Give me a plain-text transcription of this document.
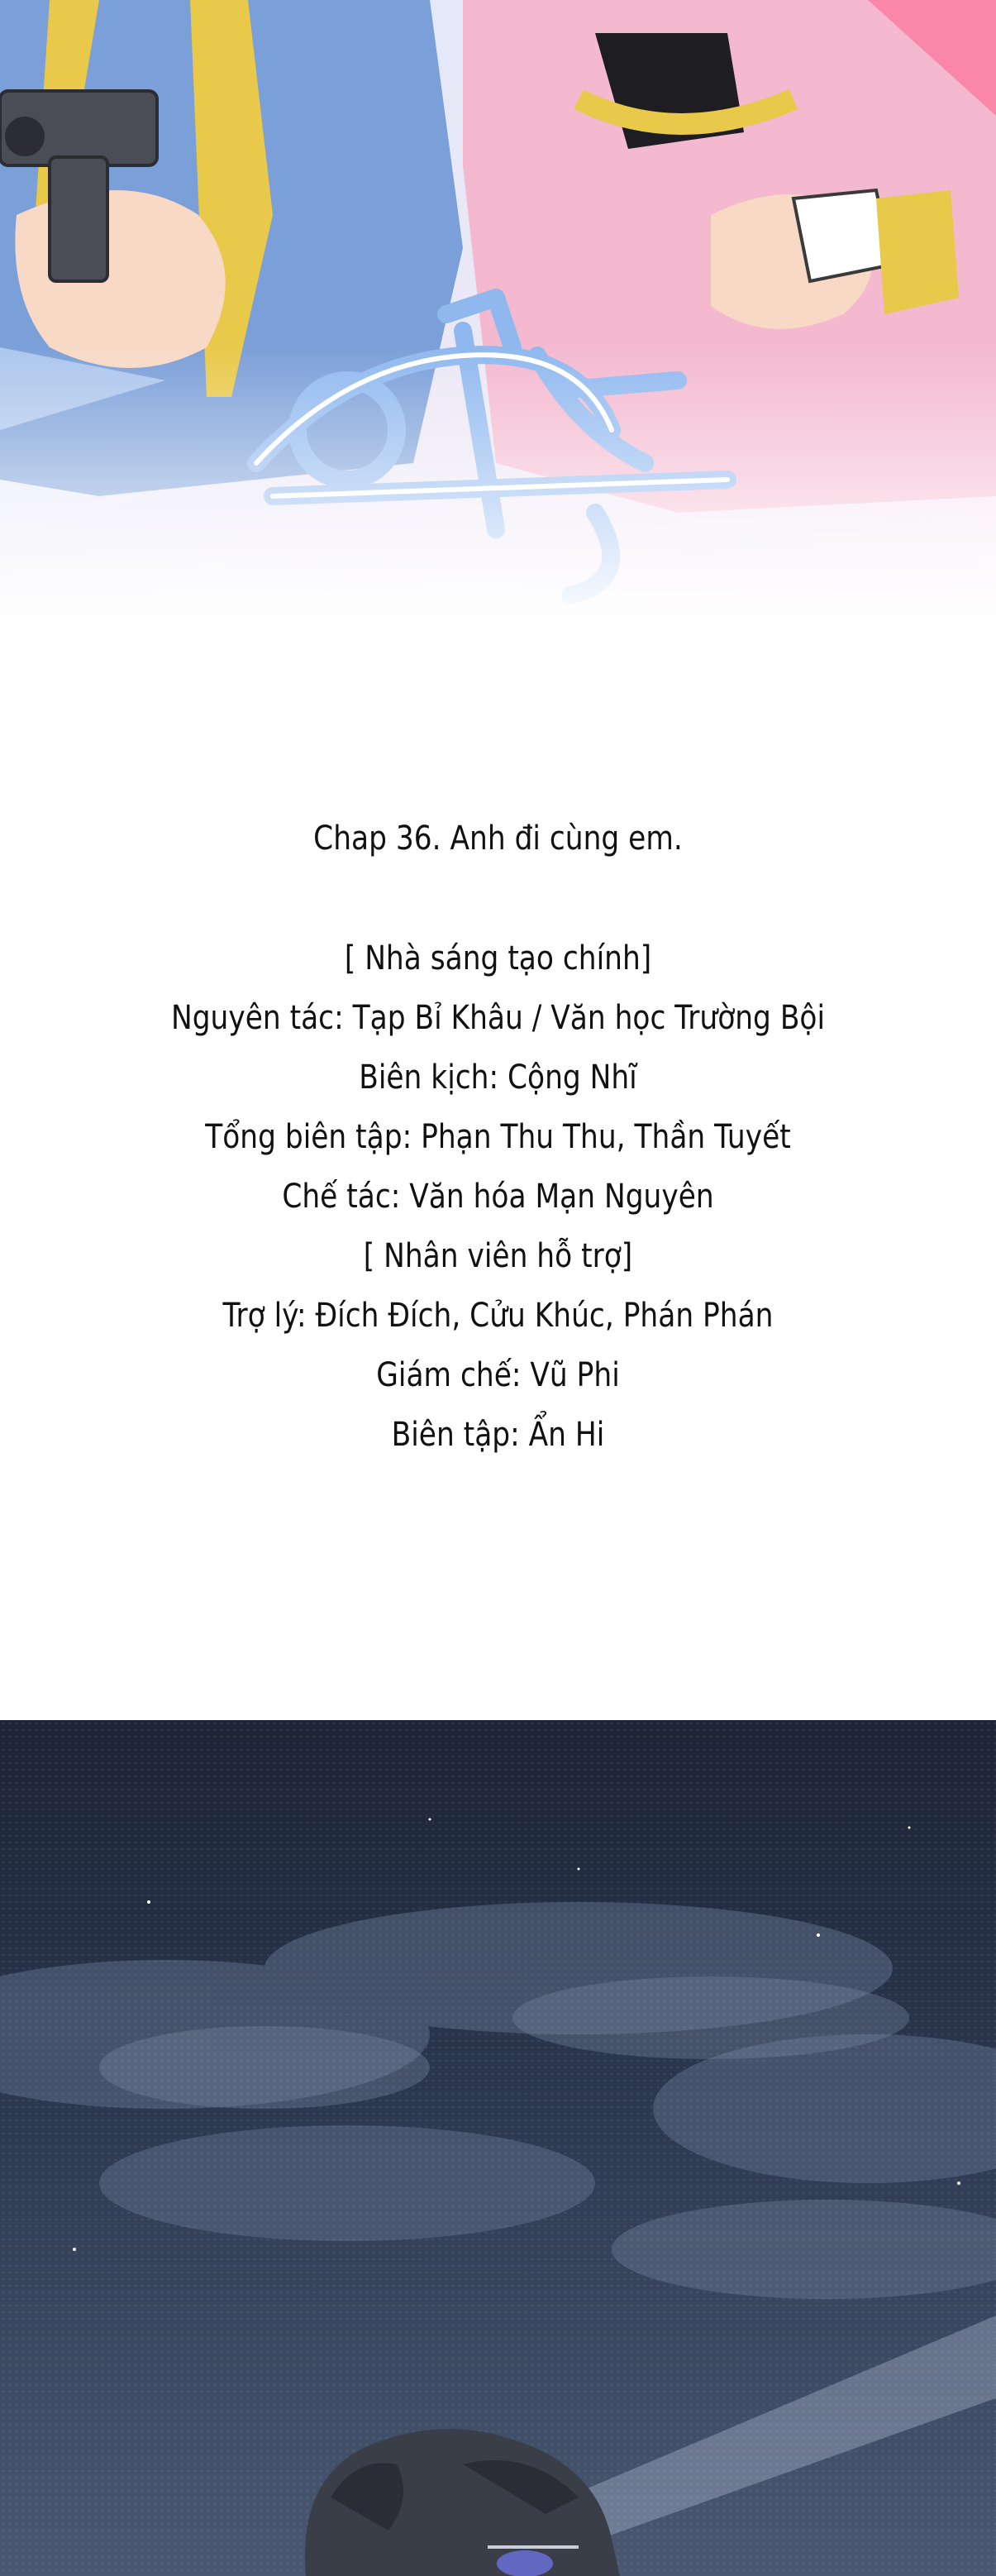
Chap 36. Anh đi cùng em.
[ Nhà sáng tạo chính]
Nguyên tác: Tạp Bỉ Khâu / Văn học Trường Bội
Biên kịch: Cộng Nhĩ
Tổng biên tập: Phạn Thu Thu, Thần Tuyết
Chế tác: Văn hóa Mạn Nguyên
[ Nhân viên hỗ trợ]
Trợ lý: Đích Đích, Cửu Khúc, Phán Phán
Giám chế: Vũ Phi
Biên tập: Ẩn Hi
